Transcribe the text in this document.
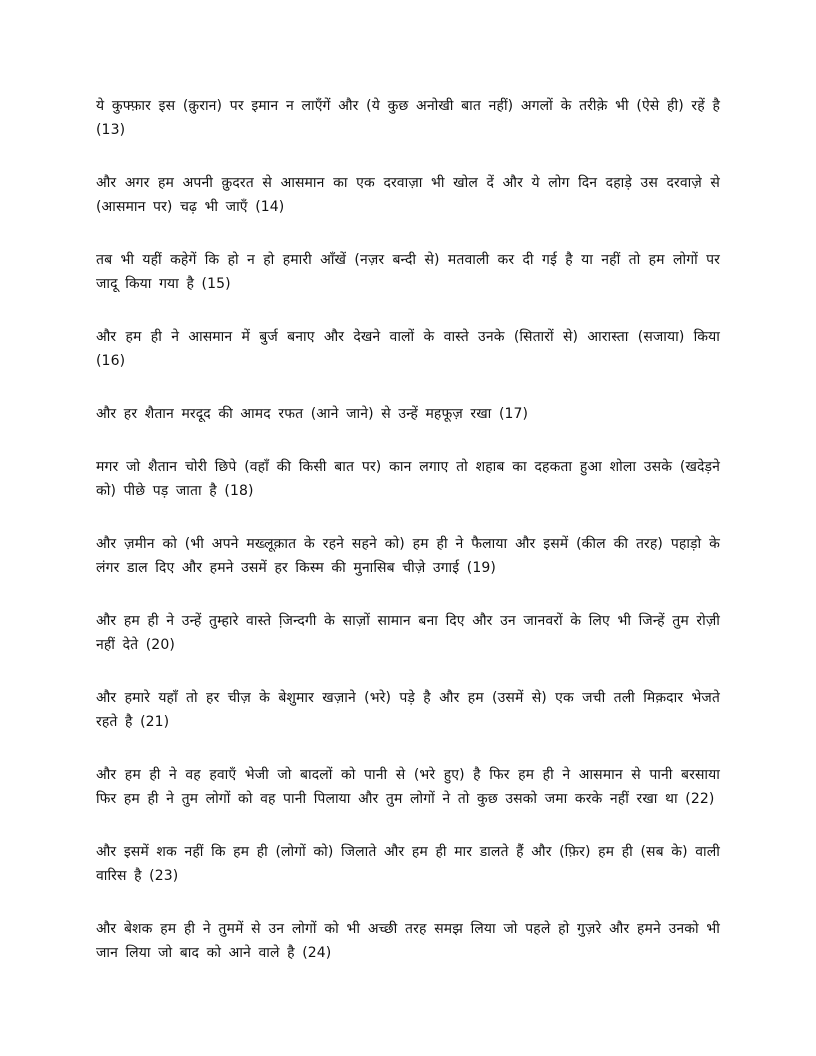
ये कुफ्फ़ार इस (क़ुरान) पर इमान न लाएँगें और (ये कुछ अनोखी बात नहीं) अगलों के तरीके़ भी (ऐसे ही) रहें है (13)

और अगर हम अपनी कु़दरत से आसमान का एक दरवाज़ा भी खोल दें और ये लोग दिन दहाडे़ उस दरवाजे़ से (आसमान पर) चढ़ भी जाएँ (14)

तब भी यहीं कहेगें कि हो न हो हमारी आँखें (नज़र बन्दी से) मतवाली कर दी गई है या नहीं तो हम लोगों पर जादू किया गया है (15)

और हम ही ने आसमान में बुर्ज बनाए और देखने वालों के वास्ते उनके (सितारों से) आरास्ता (सजाया) किया (16)

और हर शैतान मरदूद की आमद रफत (आने जाने) से उन्हें महफूज़ रखा (17)

मगर जो शैतान चोरी छिपे (वहाँ की किसी बात पर) कान लगाए तो शहाब का दहकता हुआ शोला उसके (खदेड़ने को) पीछे पड़ जाता है (18)

और ज़मीन को (भी अपने मख्लूक़ात के रहने सहने को) हम ही ने फैलाया और इसमें (कील की तरह) पहाड़ो के लंगर डाल दिए और हमने उसमें हर किस्म की मुनासिब चीजे़ उगाई (19)

और हम ही ने उन्हें तुम्हारे वास्ते जि़न्दगी के साज़ों सामान बना दिए और उन जानवरों के लिए भी जिन्हें तुम रोज़ी नहीं देते (20)

और हमारे यहाँ तो हर चीज़ के बेशुमार खज़ाने (भरे) पड़े है और हम (उसमें से) एक जची तली मिक़दार भेजते रहते है (21)

और हम ही ने वह हवाएँ भेजी जो बादलों को पानी से (भरे हुए) है फिर हम ही ने आसमान से पानी बरसाया फिर हम ही ने तुम लोगों को वह पानी पिलाया और तुम लोगों ने तो कुछ उसको जमा करके नहीं रखा था (22)

और इसमें शक नहीं कि हम ही (लोगों को) जिलाते और हम ही मार डालते हैं और (फ़िर) हम ही (सब के) वाली वारिस है (23)

और बेशक हम ही ने तुममें से उन लोगों को भी अच्छी तरह समझ लिया जो पहले हो गुज़रे और हमने उनको भी जान लिया जो बाद को आने वाले है (24)
